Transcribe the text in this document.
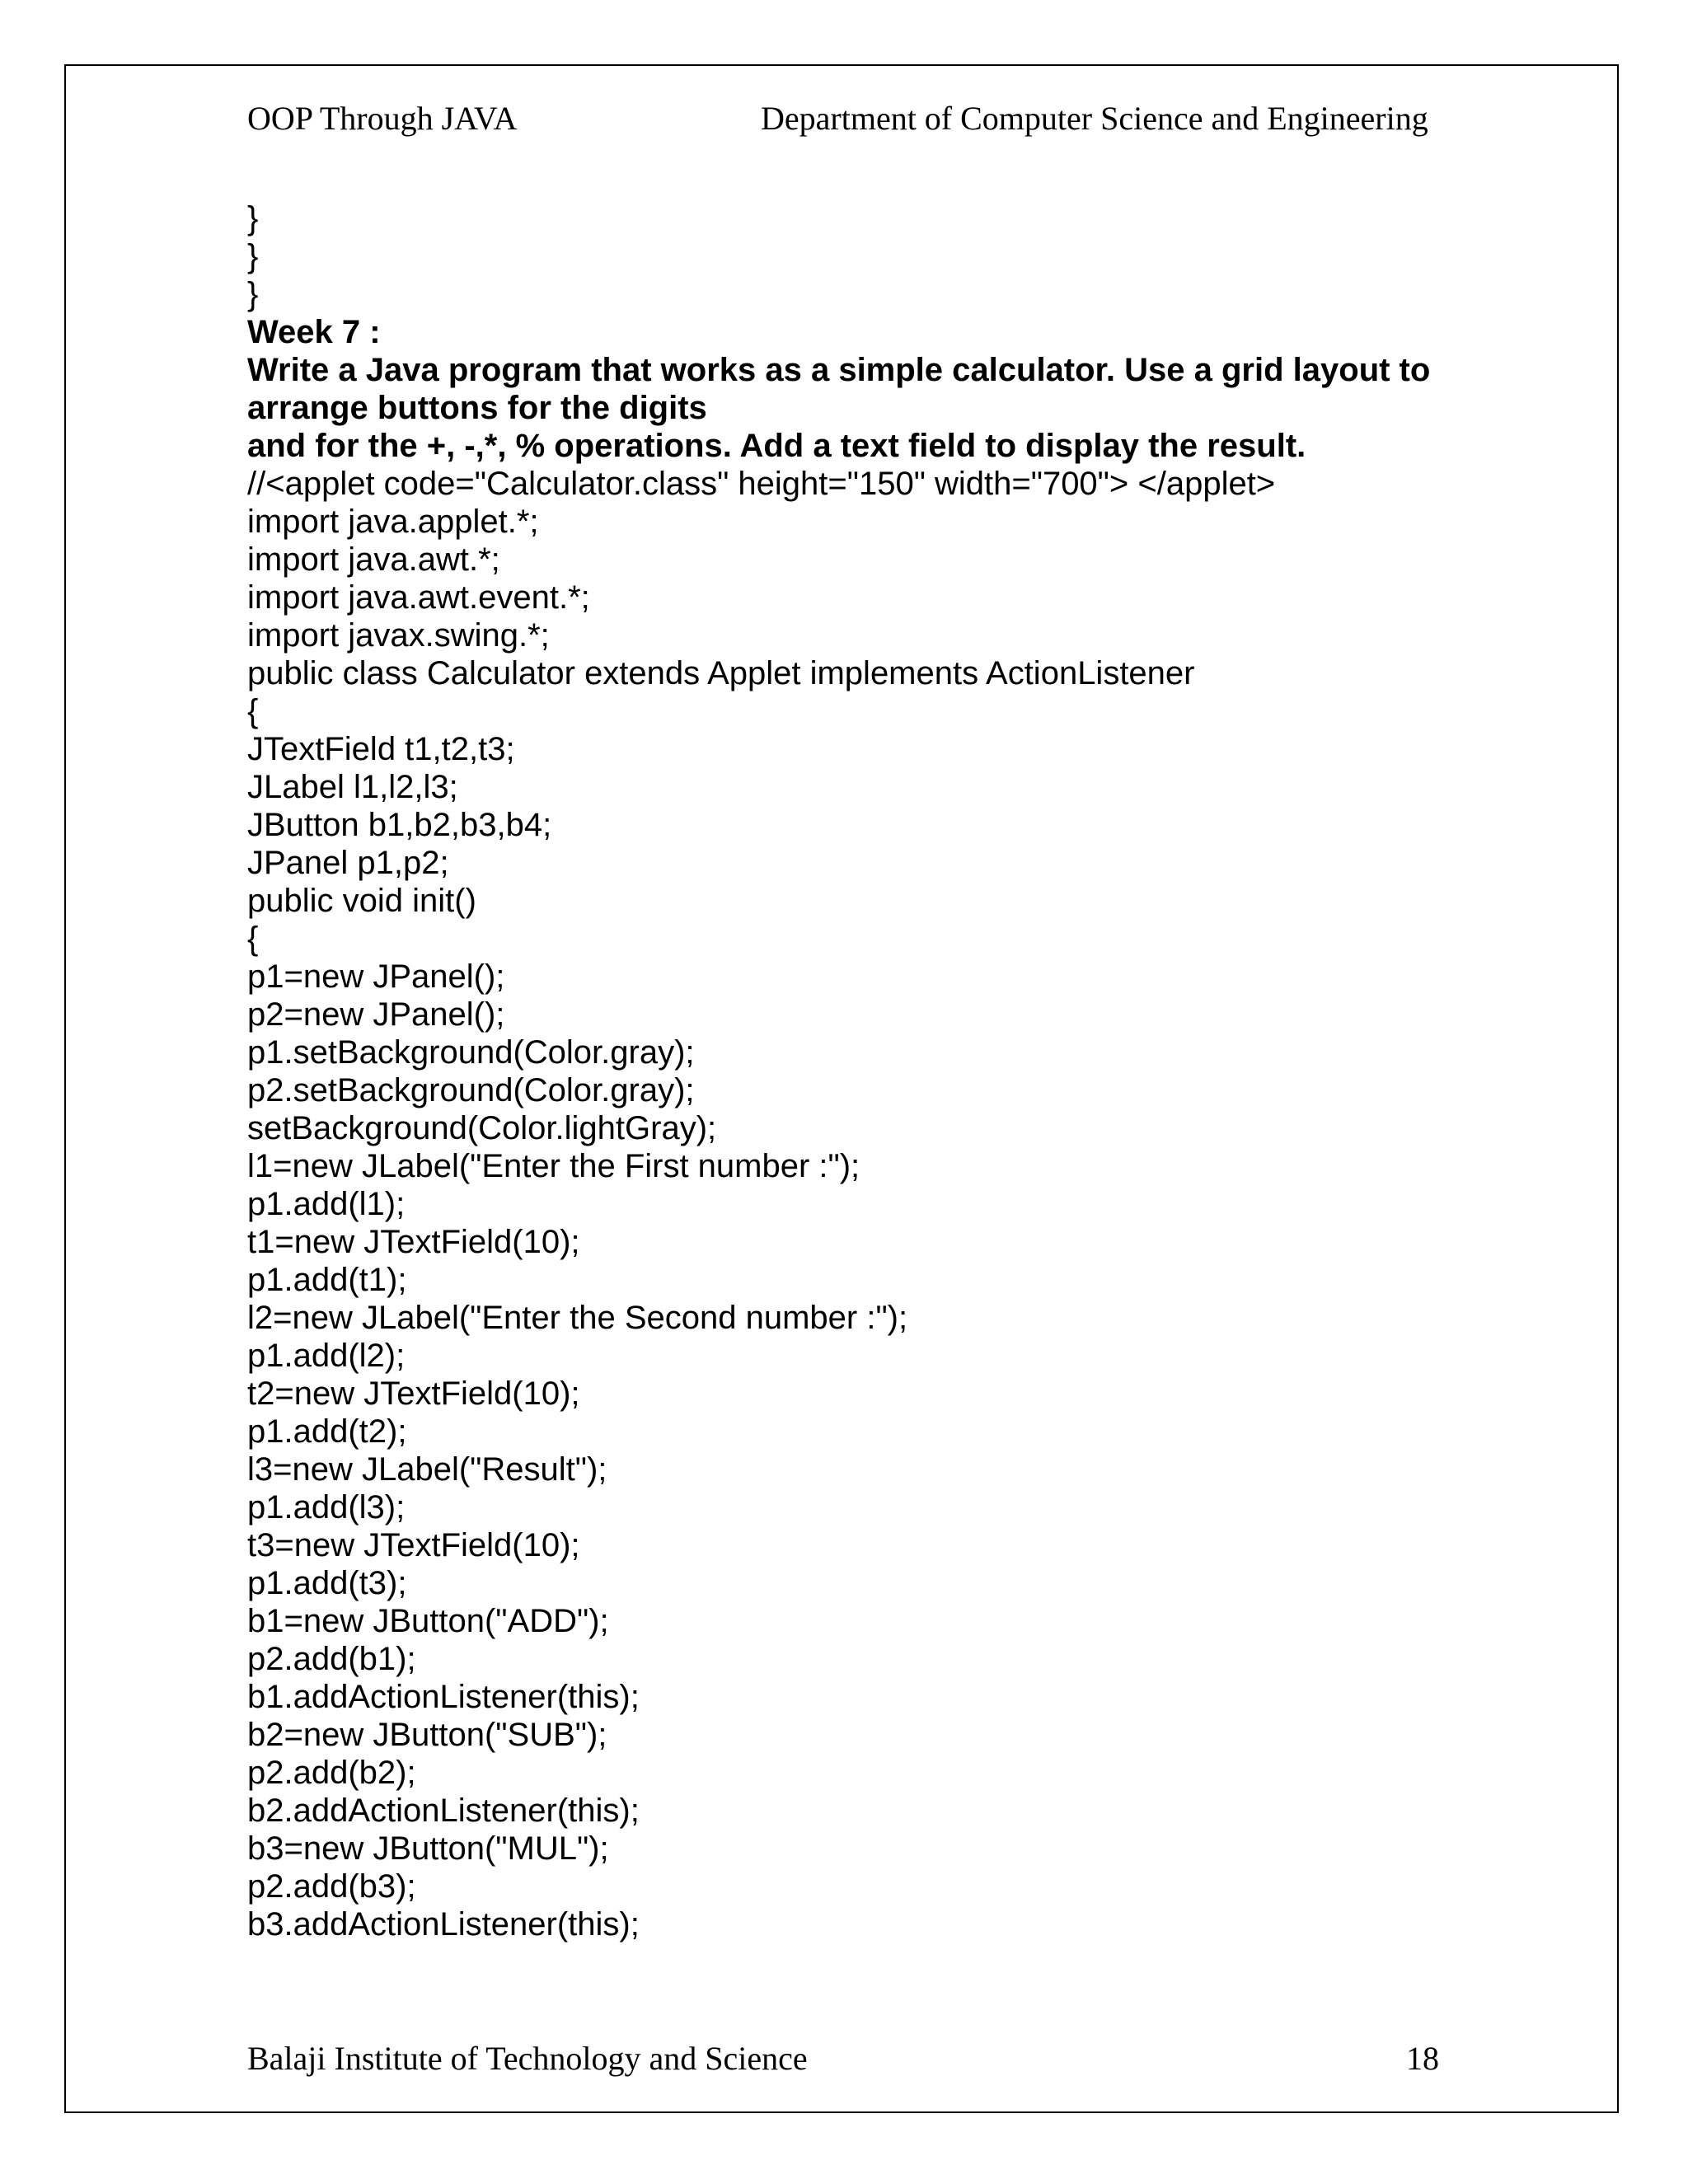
OOP Through JAVA	Department of Computer Science and Engineering
}
}
}
Week 7 :
Write a Java program that works as a simple calculator. Use a grid layout to
arrange buttons for the digits
and for the +, -,*, % operations. Add a text field to display the result.
//<applet code="Calculator.class" height="150" width="700"> </applet>
import java.applet.*;
import java.awt.*;
import java.awt.event.*;
import javax.swing.*;
public class Calculator extends Applet implements ActionListener
{
JTextField t1,t2,t3;
JLabel l1,l2,l3;
JButton b1,b2,b3,b4;
JPanel p1,p2;
public void init()
{
p1=new JPanel();
p2=new JPanel();
p1.setBackground(Color.gray);
p2.setBackground(Color.gray);
setBackground(Color.lightGray);
l1=new JLabel("Enter the First number :");
p1.add(l1);
t1=new JTextField(10);
p1.add(t1);
l2=new JLabel("Enter the Second number :");
p1.add(l2);
t2=new JTextField(10);
p1.add(t2);
l3=new JLabel("Result");
p1.add(l3);
t3=new JTextField(10);
p1.add(t3);
b1=new JButton("ADD");
p2.add(b1);
b1.addActionListener(this);
b2=new JButton("SUB");
p2.add(b2);
b2.addActionListener(this);
b3=new JButton("MUL");
p2.add(b3);
b3.addActionListener(this);
Balaji Institute of Technology and Science	18
